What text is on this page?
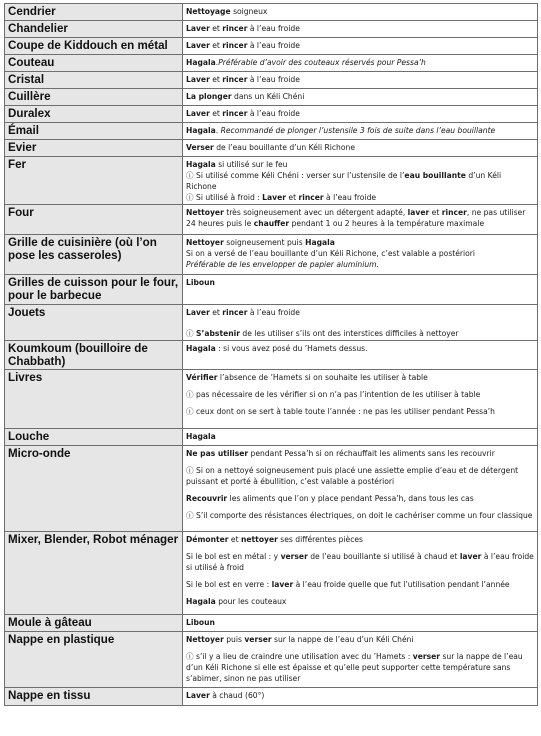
Cendrier	Nettoyage soigneux

Chandelier	Laver et rincer à l’eau froide

Coupe de Kiddouch en métal	Laver et rincer à l’eau froide

Couteau	Hagala.Préférable d’avoir des couteaux réservés pour Pessa’h

Cristal	Laver et rincer à l’eau froide

Cuillère	La plonger dans un Kéli Chéni

Duralex	Laver et rincer à l’eau froide

Émail	Hagala. Recommandé de plonger l’ustensile 3 fois de suite dans l’eau bouillante

Evier	Verser de l’eau bouillante d’un Kéli Richone

Fer	Hagala si utilisé sur le feu

ⓘ Si utilisé comme Kéli Chéni : verser sur l’ustensile de l’eau bouillante d’un Kéli Richone

ⓘ Si utilisé à froid : Laver et rincer à l’eau froide

Four	Nettoyer très soigneusement avec un détergent adapté, laver et rincer, ne pas utiliser 24 heures puis le chauffer pendant 1 ou 2 heures à la température maximale

Grille de cuisinière (où l’on pose les casseroles)	Nettoyer soigneusement puis Hagala

Si on a versé de l’eau bouillante d’un Kéli Richone, c’est valable a postériori

Préférable de les envelopper de papier aluminium.

Grilles de cuisson pour le four, pour le barbecue	Liboun

Jouets	Laver et rincer à l’eau froide

ⓘ S’abstenir de les utiliser s’ils ont des interstices difficiles à nettoyer

Koumkoum (bouilloire de Chabbath)	Hagala : si vous avez posé du ’Hamets dessus.

Livres	Vérifier l’absence de ’Hamets si on souhaite les utiliser à table

ⓘ pas nécessaire de les vérifier si on n’a pas l’intention de les utiliser à table

ⓘ ceux dont on se sert à table toute l’année : ne pas les utiliser pendant Pessa’h

Louche	Hagala

Micro-onde	Ne pas utiliser pendant Pessa’h si on réchauffait les aliments sans les recouvrir

ⓘ Si on a nettoyé soigneusement puis placé une assiette emplie d’eau et de détergent puissant et porté à ébullition, c’est valable a postériori

Recouvrir les aliments que l’on y place pendant Pessa’h, dans tous les cas

ⓘ S’il comporte des résistances électriques, on doit le cachériser comme un four classique

Mixer, Blender, Robot ménager	Démonter et nettoyer ses différentes pièces

Si le bol est en métal : y verser de l’eau bouillante si utilisé à chaud et laver à l’eau froide si utilisé à froid

Si le bol est en verre : laver à l’eau froide quelle que fut l’utilisation pendant l’année

Hagala pour les couteaux

Moule à gâteau	Liboun

Nappe en plastique	Nettoyer puis verser sur la nappe de l’eau d’un Kéli Chéni

ⓘ s’il y a lieu de craindre une utilisation avec du ’Hamets : verser sur la nappe de l’eau d’un Kéli Richone si elle est épaisse et qu’elle peut supporter cette température sans s’abimer, sinon ne pas utiliser

Nappe en tissu	Laver à chaud (60°)
